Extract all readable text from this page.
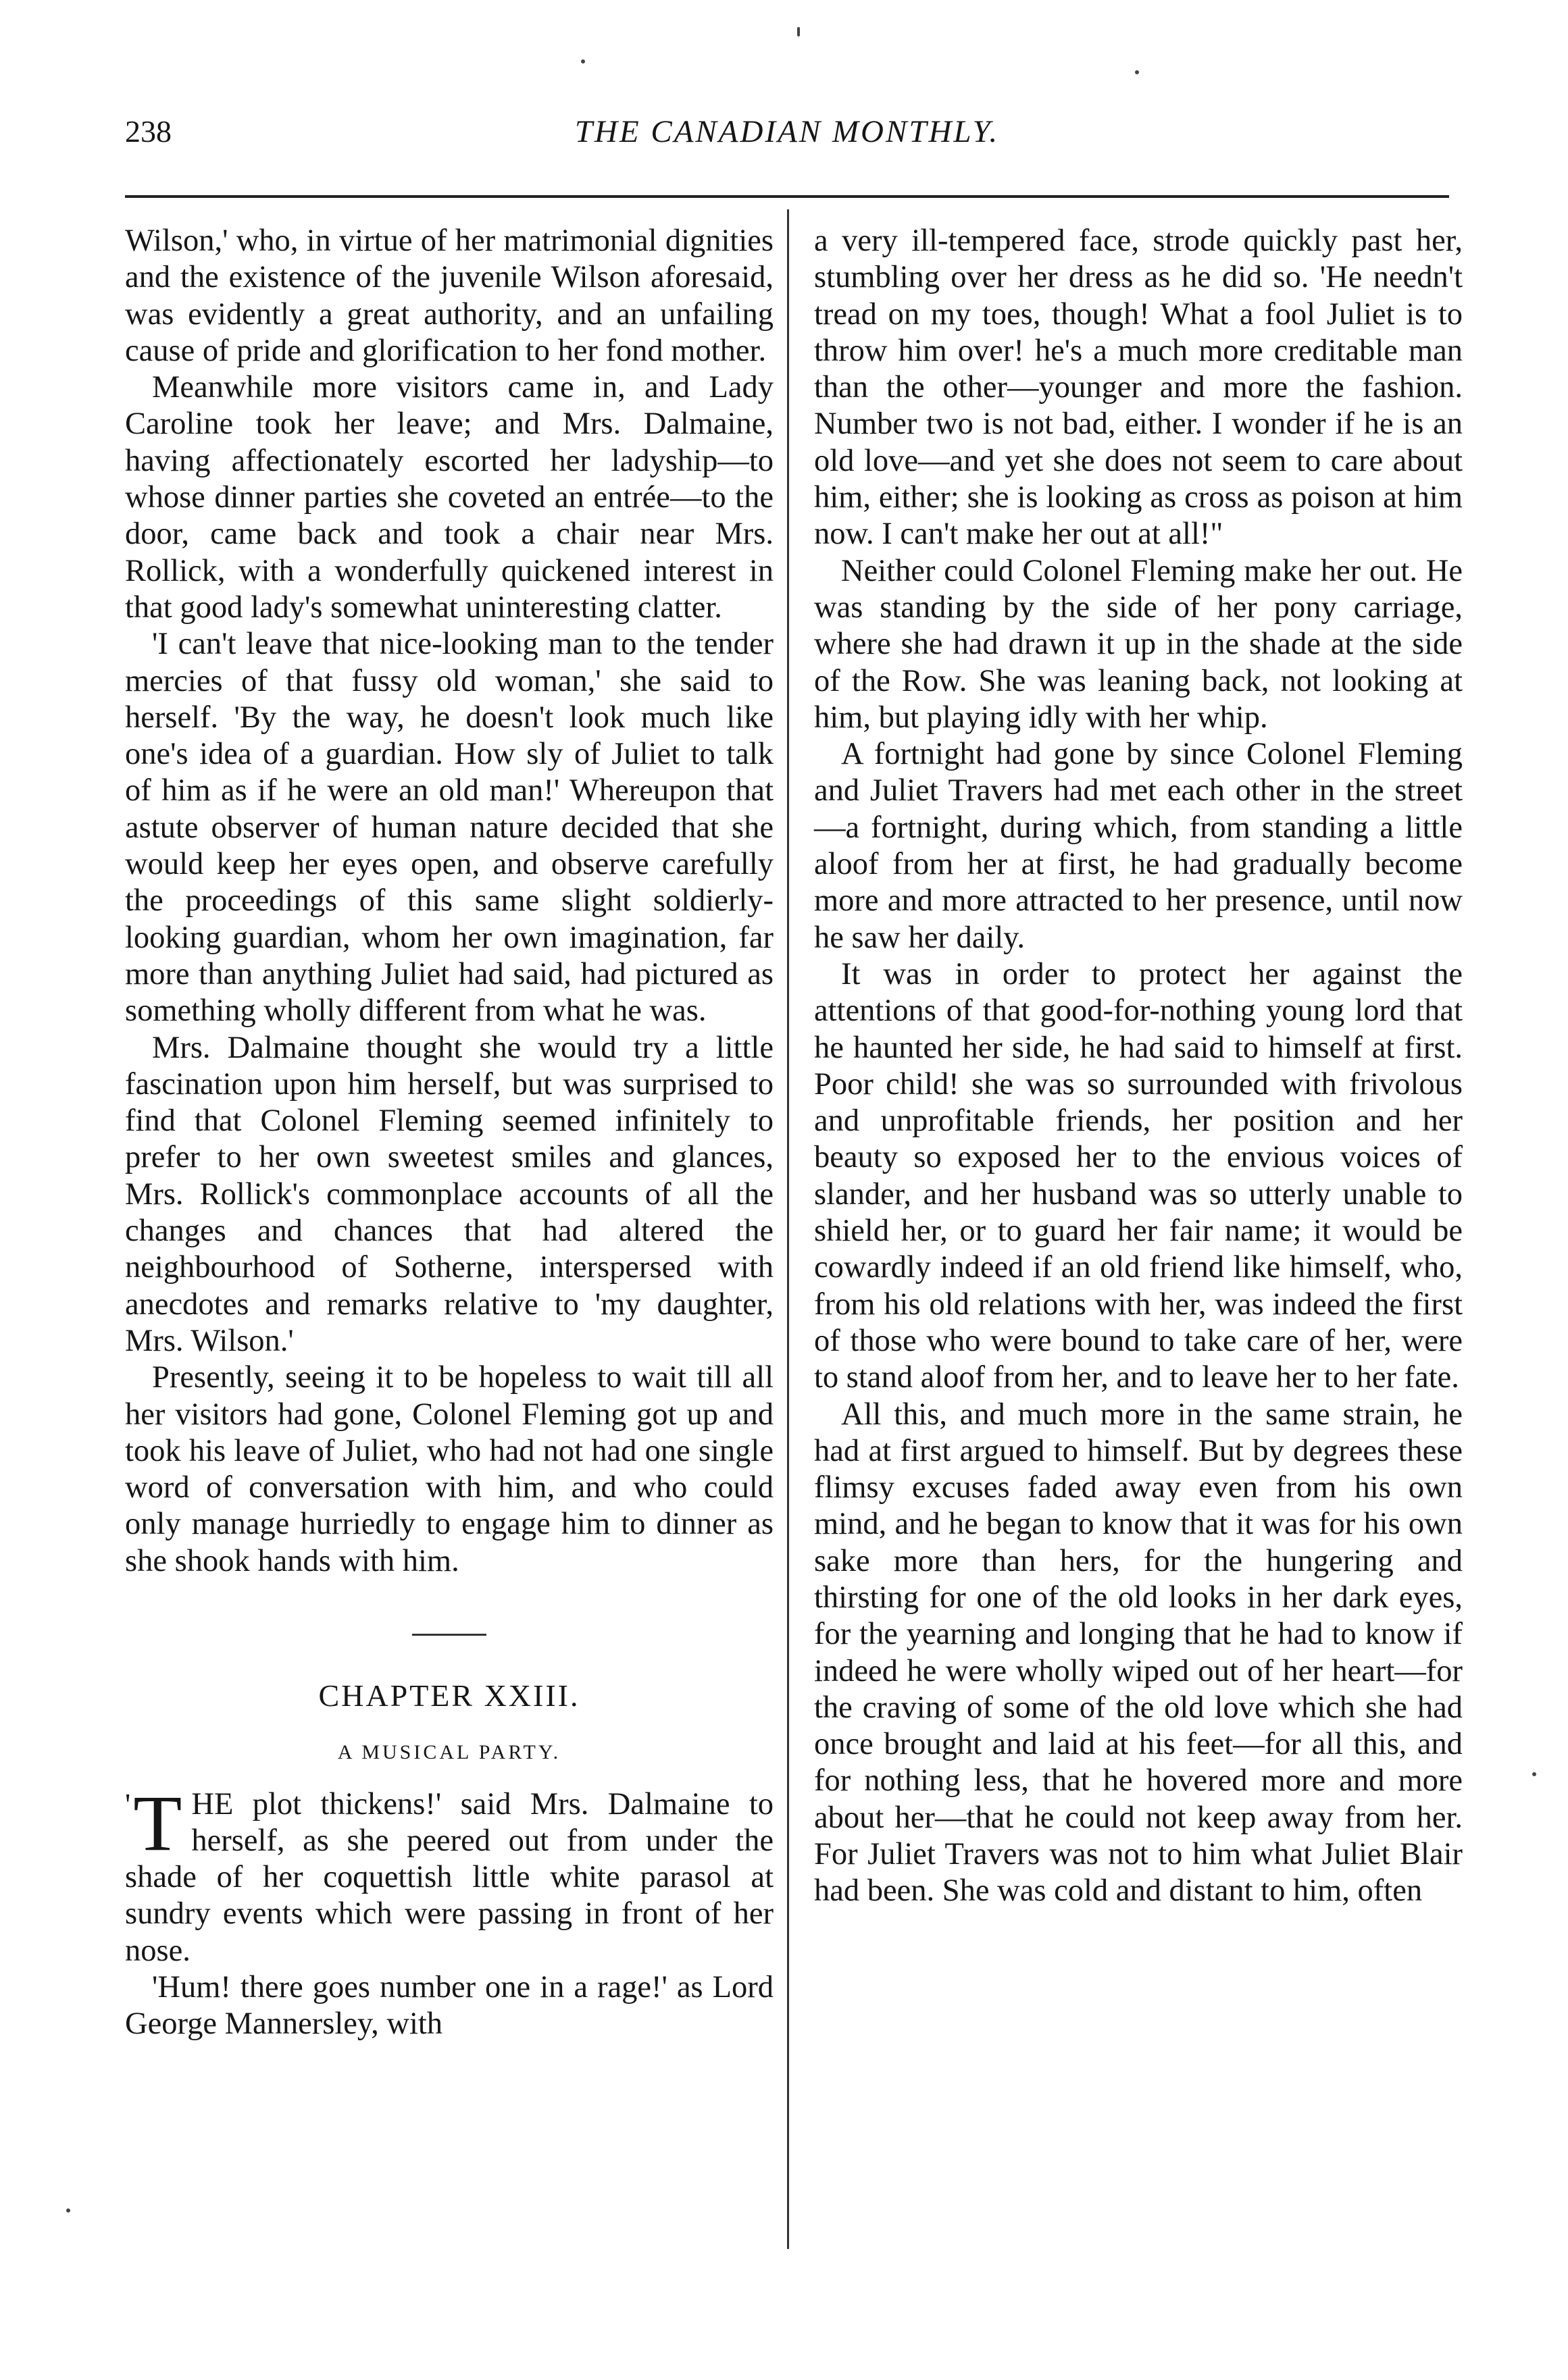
238	THE CANADIAN MONTHLY.

Wilson,' who, in virtue of her matrimonial dignities and the existence of the juvenile Wilson aforesaid, was evidently a great authority, and an unfailing cause of pride and glorification to her fond mother.

Meanwhile more visitors came in, and Lady Caroline took her leave; and Mrs. Dalmaine, having affectionately escorted her ladyship—to whose dinner parties she coveted an entrée—to the door, came back and took a chair near Mrs. Rollick, with a wonderfully quickened interest in that good lady's somewhat uninteresting clatter.

'I can't leave that nice-looking man to the tender mercies of that fussy old woman,' she said to herself. 'By the way, he doesn't look much like one's idea of a guardian. How sly of Juliet to talk of him as if he were an old man!' Whereupon that astute observer of human nature decided that she would keep her eyes open, and observe carefully the proceedings of this same slight soldierly-looking guardian, whom her own imagination, far more than anything Juliet had said, had pictured as something wholly different from what he was.

Mrs. Dalmaine thought she would try a little fascination upon him herself, but was surprised to find that Colonel Fleming seemed infinitely to prefer to her own sweetest smiles and glances, Mrs. Rollick's commonplace accounts of all the changes and chances that had altered the neighbourhood of Sotherne, interspersed with anecdotes and remarks relative to 'my daughter, Mrs. Wilson.'

Presently, seeing it to be hopeless to wait till all her visitors had gone, Colonel Fleming got up and took his leave of Juliet, who had not had one single word of conversation with him, and who could only manage hurriedly to engage him to dinner as she shook hands with him.

CHAPTER XXIII.
A MUSICAL PARTY.

' T HE plot thickens!' said Mrs. Dalmaine to herself, as she peered out from under the shade of her coquettish little white parasol at sundry events which were passing in front of her nose.

'Hum! there goes number one in a rage!' as Lord George Mannersley, with

a very ill-tempered face, strode quickly past her, stumbling over her dress as he did so. 'He needn't tread on my toes, though! What a fool Juliet is to throw him over! he's a much more creditable man than the other—younger and more the fashion. Number two is not bad, either. I wonder if he is an old love—and yet she does not seem to care about him, either; she is looking as cross as poison at him now. I can't make her out at all!"

Neither could Colonel Fleming make her out. He was standing by the side of her pony carriage, where she had drawn it up in the shade at the side of the Row. She was leaning back, not looking at him, but playing idly with her whip.

A fortnight had gone by since Colonel Fleming and Juliet Travers had met each other in the street—a fortnight, during which, from standing a little aloof from her at first, he had gradually become more and more attracted to her presence, until now he saw her daily.

It was in order to protect her against the attentions of that good-for-nothing young lord that he haunted her side, he had said to himself at first. Poor child! she was so surrounded with frivolous and unprofitable friends, her position and her beauty so exposed her to the envious voices of slander, and her husband was so utterly unable to shield her, or to guard her fair name; it would be cowardly indeed if an old friend like himself, who, from his old relations with her, was indeed the first of those who were bound to take care of her, were to stand aloof from her, and to leave her to her fate.

All this, and much more in the same strain, he had at first argued to himself. But by degrees these flimsy excuses faded away even from his own mind, and he began to know that it was for his own sake more than hers, for the hungering and thirsting for one of the old looks in her dark eyes, for the yearning and longing that he had to know if indeed he were wholly wiped out of her heart—for the craving of some of the old love which she had once brought and laid at his feet—for all this, and for nothing less, that he hovered more and more about her—that he could not keep away from her. For Juliet Travers was not to him what Juliet Blair had been. She was cold and distant to him, often
